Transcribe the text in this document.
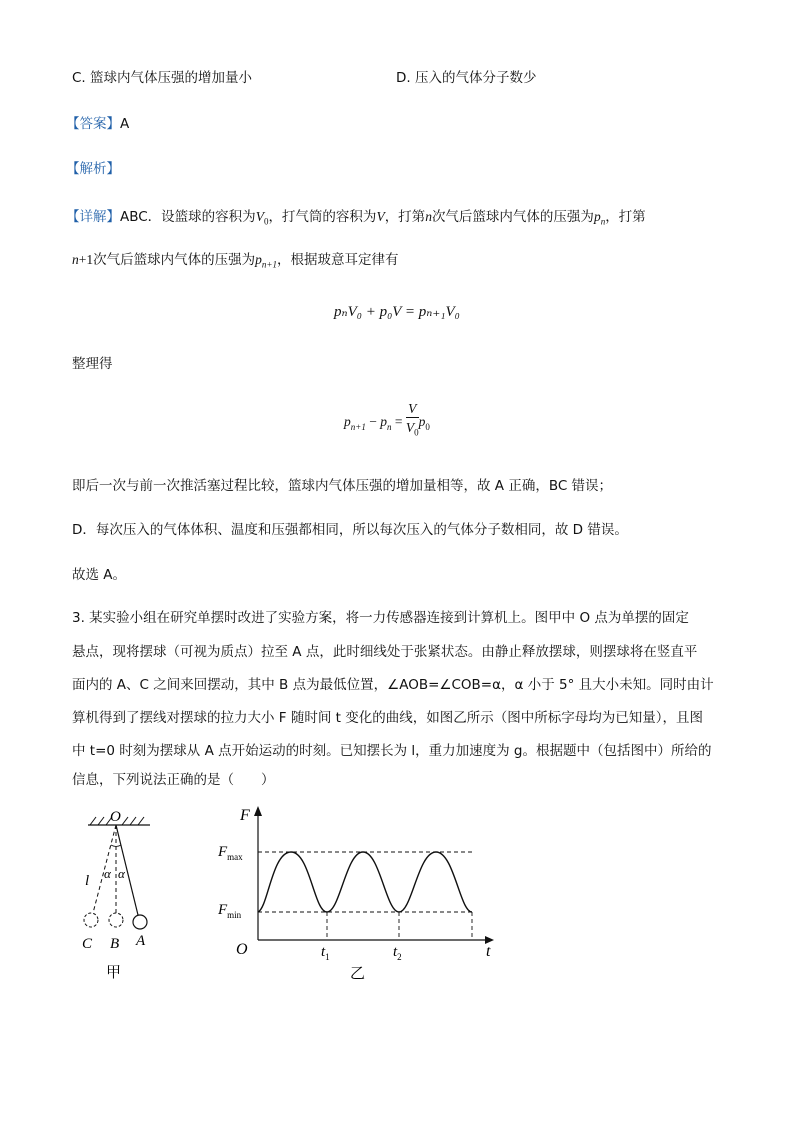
C. 篮球内气体压强的增加量小	D. 压入的气体分子数少
【答案】A
【解析】
【详解】ABC．设篮球的容积为$V_0$，打气筒的容积为V，打第n次气后篮球内气体的压强为$p_n$，打第
n+1次气后篮球内气体的压强为$p_{n+1}$，根据玻意耳定律有
pₙV₀ + p₀V = pₙ₊₁V₀
整理得
$p_{n+1} - p_n = \frac{V}{V_0} p_0$
即后一次与前一次推活塞过程比较，篮球内气体压强的增加量相等，故 A 正确，BC 错误；
D．每次压入的气体体积、温度和压强都相同，所以每次压入的气体分子数相同，故 D 错误。
故选 A。
3. 某实验小组在研究单摆时改进了实验方案，将一力传感器连接到计算机上。图甲中 O 点为单摆的固定
悬点，现将摆球（可视为质点）拉至 A 点，此时细线处于张紧状态。由静止释放摆球，则摆球将在竖直平
面内的 A、C 之间来回摆动，其中 B 点为最低位置，∠AOB=∠COB=α，α 小于 5° 且大小未知。同时由计
算机得到了摆线对摆球的拉力大小 F 随时间 t 变化的曲线，如图乙所示（图中所标字母均为已知量），且图
中 t=0 时刻为摆球从 A 点开始运动的时刻。已知摆长为 l，重力加速度为 g。根据题中（包括图中）所给的
信息，下列说法正确的是（　　）
O
l α α
A
B
C
甲
F
$F_{max}$
$F_{min}$
O	t
$t_1$	$t_2$
乙
